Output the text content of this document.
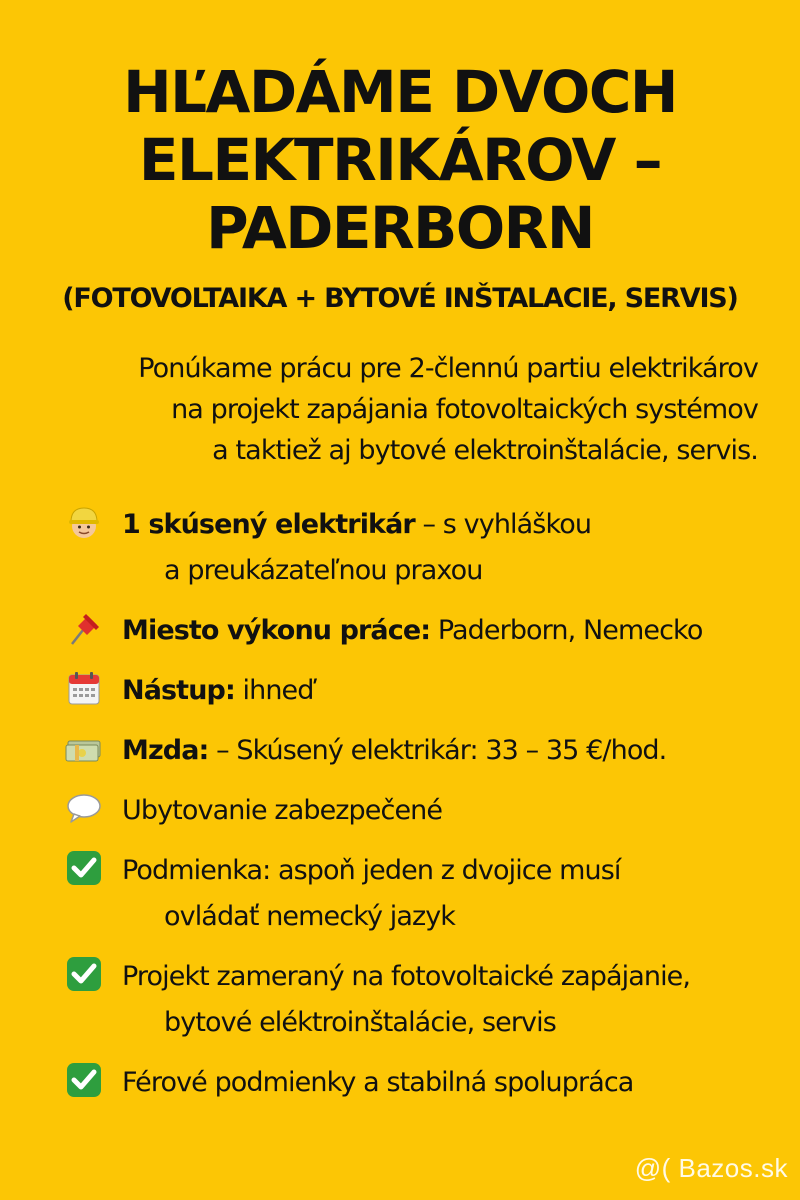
HĽADÁME DVOCH
ELEKTRIKÁROV –
PADERBORN
(FOTOVOLTAIKA + BYTOVÉ INŠTALACIE, SERVIS)
Ponúkame prácu pre 2-člennú partiu elektrikárov
na projekt zapájania fotovoltaických systémov
a taktiež aj bytové elektroinštalácie, servis.
1 skúsený elektrikár – s vyhláškou
a preukázateľnou praxou
Miesto výkonu práce: Paderborn, Nemecko
Nástup: ihneď
Mzda: – Skúsený elektrikár: 33 – 35 €/hod.
Ubytovanie zabezpečené
Podmienka: aspoň jeden z dvojice musí
ovládať nemecký jazyk
Projekt zameraný na fotovoltaické zapájanie,
bytové eléktroinštalácie, servis
Férové podmienky a stabilná spolupráca
@( Bazos.sk
